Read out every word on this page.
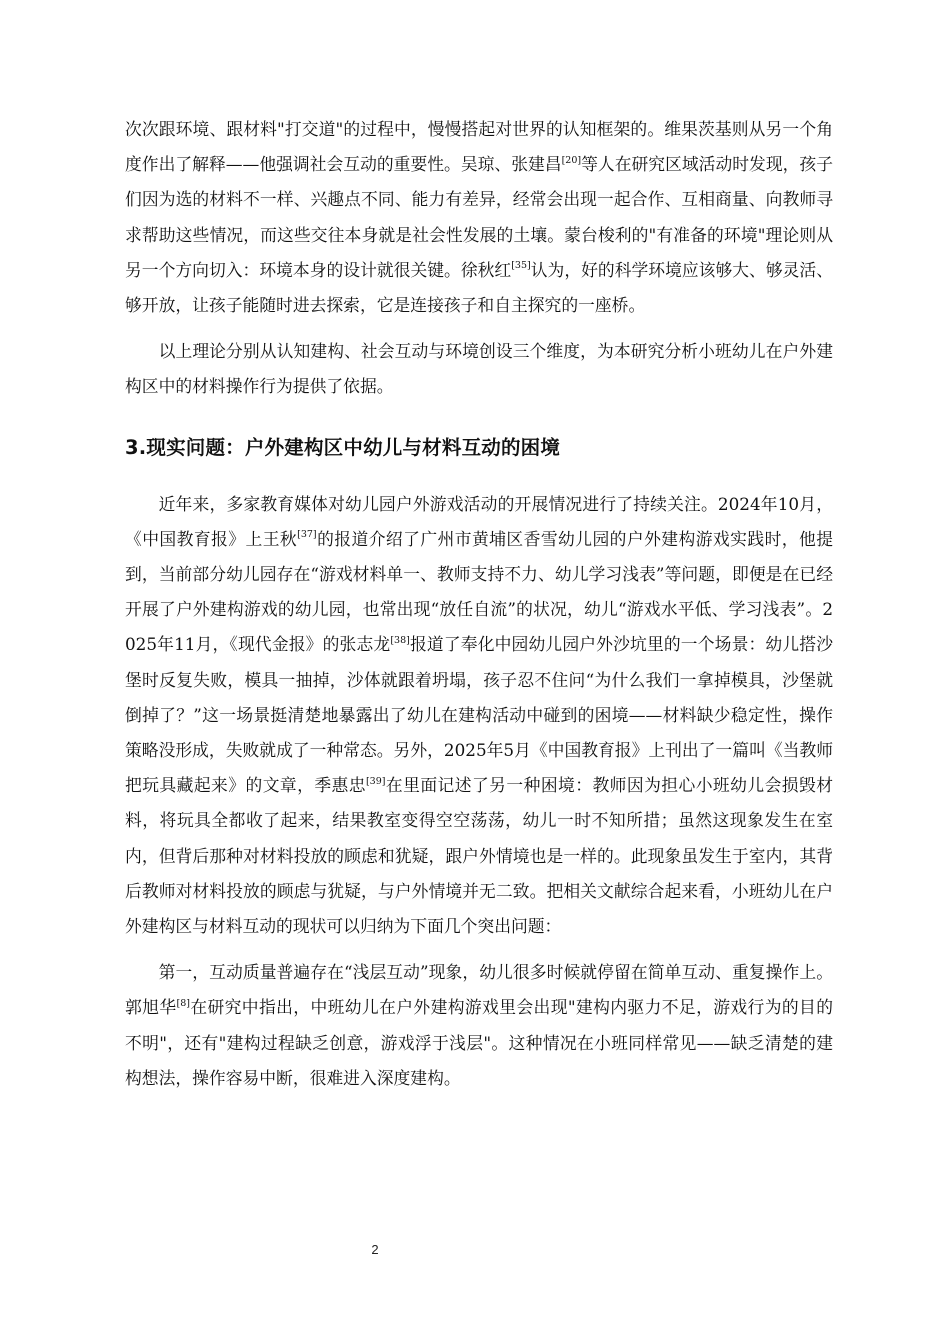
次次跟环境、跟材料"打交道"的过程中，慢慢搭起对世界的认知框架的。维果茨基则从另一个角度作出了解释——他强调社会互动的重要性。吴琼、张建昌[20]等人在研究区域活动时发现，孩子们因为选的材料不一样、兴趣点不同、能力有差异，经常会出现一起合作、互相商量、向教师寻求帮助这些情况，而这些交往本身就是社会性发展的土壤。蒙台梭利的"有准备的环境"理论则从另一个方向切入：环境本身的设计就很关键。徐秋红[35]认为，好的科学环境应该够大、够灵活、够开放，让孩子能随时进去探索，它是连接孩子和自主探究的一座桥。

以上理论分别从认知建构、社会互动与环境创设三个维度，为本研究分析小班幼儿在户外建构区中的材料操作行为提供了依据。

3.现实问题：户外建构区中幼儿与材料互动的困境

近年来，多家教育媒体对幼儿园户外游戏活动的开展情况进行了持续关注。2024年10月，《中国教育报》上王秋[37]的报道介绍了广州市黄埔区香雪幼儿园的户外建构游戏实践时，他提到，当前部分幼儿园存在“游戏材料单一、教师支持不力、幼儿学习浅表”等问题，即便是在已经开展了户外建构游戏的幼儿园，也常出现“放任自流”的状况，幼儿“游戏水平低、学习浅表”。2025年11月，《现代金报》的张志龙[38]报道了奉化中园幼儿园户外沙坑里的一个场景：幼儿搭沙堡时反复失败，模具一抽掉，沙体就跟着坍塌，孩子忍不住问“为什么我们一拿掉模具，沙堡就倒掉了？”这一场景挺清楚地暴露出了幼儿在建构活动中碰到的困境——材料缺少稳定性，操作策略没形成，失败就成了一种常态。另外，2025年5月《中国教育报》上刊出了一篇叫《当教师把玩具藏起来》的文章，季惠忠[39]在里面记述了另一种困境：教师因为担心小班幼儿会损毁材料，将玩具全都收了起来，结果教室变得空空荡荡，幼儿一时不知所措；虽然这现象发生在室内，但背后那种对材料投放的顾虑和犹疑，跟户外情境也是一样的。此现象虽发生于室内，其背后教师对材料投放的顾虑与犹疑，与户外情境并无二致。把相关文献综合起来看，小班幼儿在户外建构区与材料互动的现状可以归纳为下面几个突出问题：

第一，互动质量普遍存在“浅层互动”现象，幼儿很多时候就停留在简单互动、重复操作上。郭旭华[8]在研究中指出，中班幼儿在户外建构游戏里会出现"建构内驱力不足，游戏行为的目的不明"，还有"建构过程缺乏创意，游戏浮于浅层"。这种情况在小班同样常见——缺乏清楚的建构想法，操作容易中断，很难进入深度建构。

2
